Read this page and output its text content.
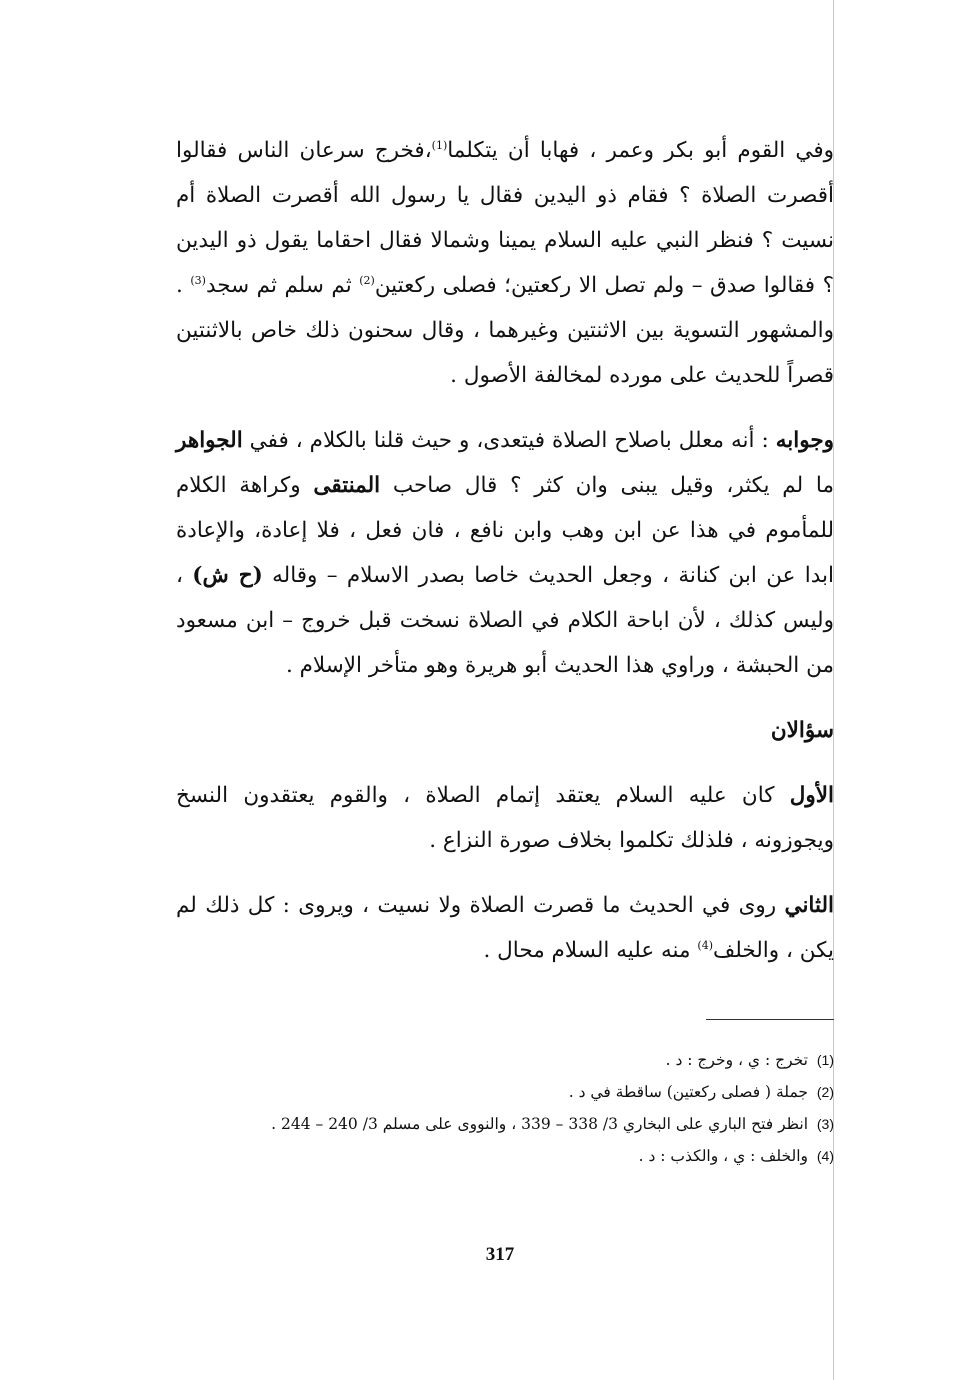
وفي القوم أبو بكر وعمر ، فهابا أن يتكلما$^{(1)}$،فخرج سرعان الناس فقالوا أقصرت الصلاة ؟ فقام ذو اليدين فقال يا رسول الله أقصرت الصلاة أم نسيت ؟ فنظر النبي عليه السلام يمينا وشمالا فقال احقاما يقول ذو اليدين ؟ فقالوا صدق – ولم تصل الا ركعتين؛ فصلى ركعتين$^{(2)}$ ثم سلم ثم سجد$^{(3)}$ . والمشهور التسوية بين الاثنتين وغيرهما ، وقال سحنون ذلك خاص بالاثنتين قصراً للحديث على مورده لمخالفة الأصول .
وجوابه : أنه معلل باصلاح الصلاة فيتعدى، و حيث قلنا بالكلام ، ففي الجواهر ما لم يكثر، وقيل يبنى وان كثر ؟ قال صاحب المنتقى وكراهة الكلام للمأموم في هذا عن ابن وهب وابن نافع ، فان فعل ، فلا إعادة، والإعادة ابدا عن ابن كنانة ، وجعل الحديث خاصا بصدر الاسلام – وقاله (ح ش) ، وليس كذلك ، لأن اباحة الكلام في الصلاة نسخت قبل خروج – ابن مسعود من الحبشة ، وراوي هذا الحديث أبو هريرة وهو متأخر الإسلام .
سؤالان
الأول كان عليه السلام يعتقد إتمام الصلاة ، والقوم يعتقدون النسخ ويجوزونه ، فلذلك تكلموا بخلاف صورة النزاع .
الثاني روى في الحديث ما قصرت الصلاة ولا نسيت ، ويروى : كل ذلك لم يكن ، والخلف$^{(4)}$ منه عليه السلام محال .
(1)
تخرج : ي ، وخرج : د .
(2)
جملة ( فصلى ركعتين) ساقطة في د .
(3)
انظر فتح الباري على البخاري 3/ 338 – 339 ، والنووى على مسلم 3/ 240 – 244 .
(4)
والخلف : ي ، والكذب : د .
317
